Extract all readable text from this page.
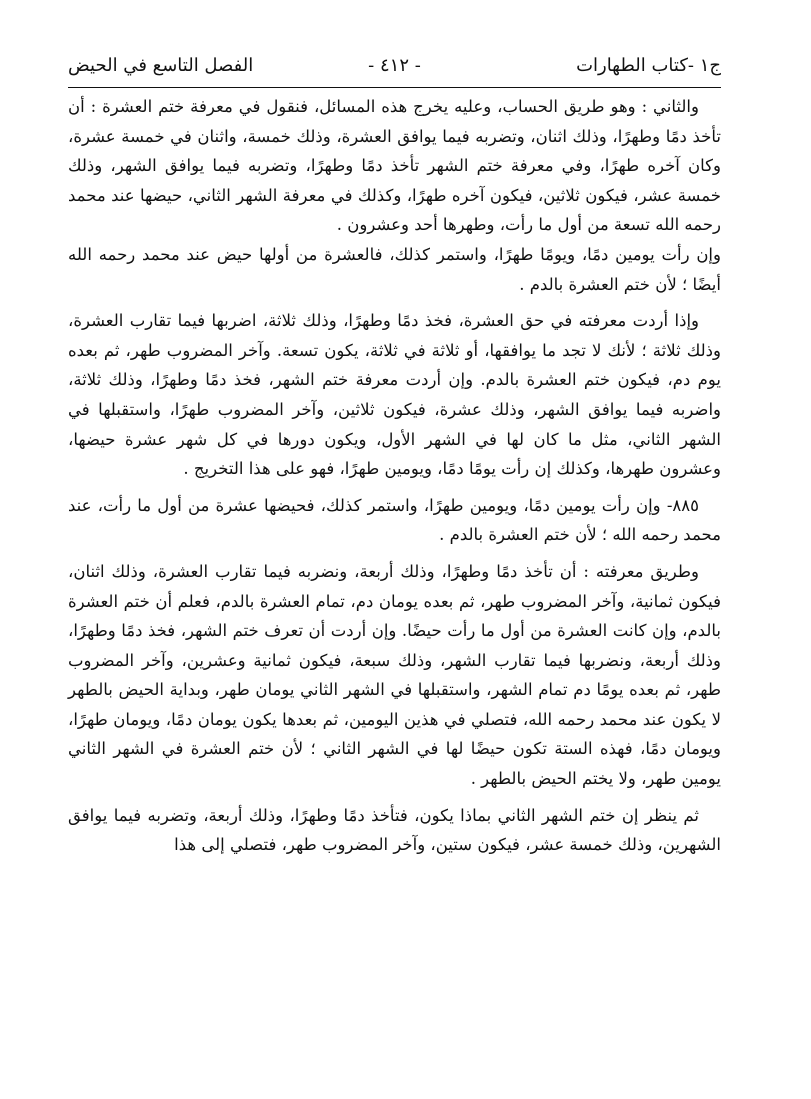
ج١ -كتاب الطهارات
- ٤١٢ -
الفصل التاسع في الحيض

والثاني : وهو طريق الحساب، وعليه يخرج هذه المسائل، فنقول في معرفة ختم العشرة : أن تأخذ دمًا وطهرًا، وذلك اثنان، وتضربه فيما يوافق العشرة، وذلك خمسة، واثنان في خمسة عشرة، وكان آخره طهرًا، وفي معرفة ختم الشهر تأخذ دمًا وطهرًا، وتضربه فيما يوافق الشهر، وذلك خمسة عشر، فيكون ثلاثين، فيكون آخره طهرًا، وكذلك في معرفة الشهر الثاني، حيضها عند محمد رحمه الله تسعة من أول ما رأت، وطهرها أحد وعشرون .

وإن رأت يومين دمًا، ويومًا طهرًا، واستمر كذلك، فالعشرة من أولها حيض عند محمد رحمه الله أيضًا ؛ لأن ختم العشرة بالدم .

وإذا أردت معرفته في حق العشرة، فخذ دمًا وطهرًا، وذلك ثلاثة، اضربها فيما تقارب العشرة، وذلك ثلاثة ؛ لأنك لا تجد ما يوافقها، أو ثلاثة في ثلاثة، يكون تسعة. وآخر المضروب طهر، ثم بعده يوم دم، فيكون ختم العشرة بالدم. وإن أردت معرفة ختم الشهر، فخذ دمًا وطهرًا، وذلك ثلاثة، واضربه فيما يوافق الشهر، وذلك عشرة، فيكون ثلاثين، وآخر المضروب طهرًا، واستقبلها في الشهر الثاني، مثل ما كان لها في الشهر الأول، ويكون دورها في كل شهر عشرة حيضها، وعشرون طهرها، وكذلك إن رأت يومًا دمًا، ويومين طهرًا، فهو على هذا التخريج .

٨٨٥- وإن رأت يومين دمًا، ويومين طهرًا، واستمر كذلك، فحيضها عشرة من أول ما رأت، عند محمد رحمه الله ؛ لأن ختم العشرة بالدم .

وطريق معرفته : أن تأخذ دمًا وطهرًا، وذلك أربعة، ونضربه فيما تقارب العشرة، وذلك اثنان، فيكون ثمانية، وآخر المضروب طهر، ثم بعده يومان دم، تمام العشرة بالدم، فعلم أن ختم العشرة بالدم، وإن كانت العشرة من أول ما رأت حيضًا. وإن أردت أن تعرف ختم الشهر، فخذ دمًا وطهرًا، وذلك أربعة، ونضربها فيما تقارب الشهر، وذلك سبعة، فيكون ثمانية وعشرين، وآخر المضروب طهر، ثم بعده يومًا دم تمام الشهر، واستقبلها في الشهر الثاني يومان طهر، وبداية الحيض بالطهر لا يكون عند محمد رحمه الله، فتصلي في هذين اليومين، ثم بعدها يكون يومان دمًا، ويومان طهرًا، ويومان دمًا، فهذه الستة تكون حيضًا لها في الشهر الثاني ؛ لأن ختم العشرة في الشهر الثاني يومين طهر، ولا يختم الحيض بالطهر .

ثم ينظر إن ختم الشهر الثاني بماذا يكون، فتأخذ دمًا وطهرًا، وذلك أربعة، وتضربه فيما يوافق الشهرين، وذلك خمسة عشر، فيكون ستين، وآخر المضروب طهر، فتصلي إلى هذا
